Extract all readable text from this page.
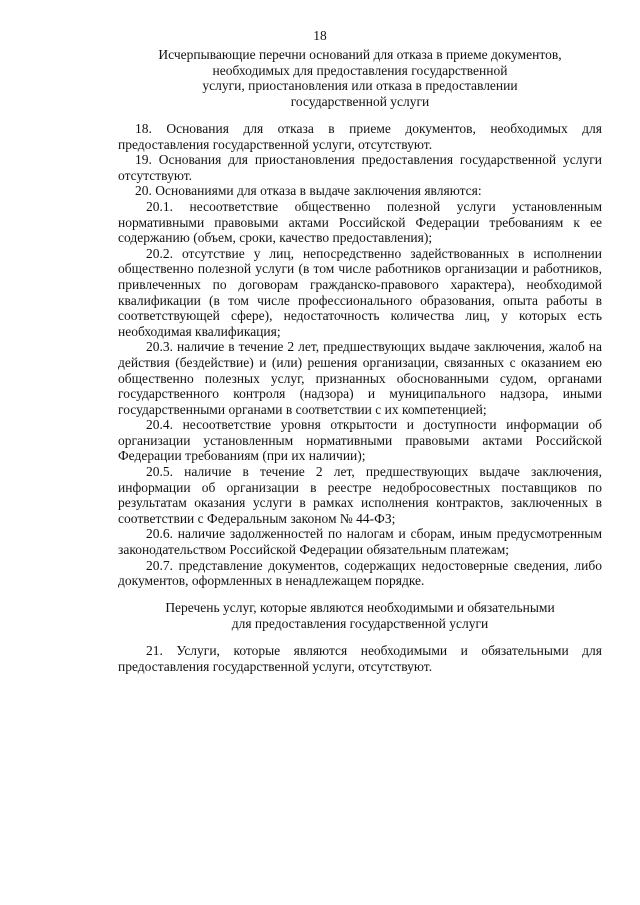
18

Исчерпывающие перечни оснований для отказа в приеме документов,
необходимых для предоставления государственной
услуги, приостановления или отказа в предоставлении
государственной услуги

18. Основания для отказа в приеме документов, необходимых для предоставления государственной услуги, отсутствуют.

19. Основания для приостановления предоставления государственной услуги отсутствуют.

20. Основаниями для отказа в выдаче заключения являются:

20.1. несоответствие общественно полезной услуги установленным нормативными правовыми актами Российской Федерации требованиям к ее содержанию (объем, сроки, качество предоставления);

20.2. отсутствие у лиц, непосредственно задействованных в исполнении общественно полезной услуги (в том числе работников организации и работников, привлеченных по договорам гражданско-правового характера), необходимой квалификации (в том числе профессионального образования, опыта работы в соответствующей сфере), недостаточность количества лиц, у которых есть необходимая квалификация;

20.3. наличие в течение 2 лет, предшествующих выдаче заключения, жалоб на действия (бездействие) и (или) решения организации, связанных с оказанием ею общественно полезных услуг, признанных обоснованными судом, органами государственного контроля (надзора) и муниципального надзора, иными государственными органами в соответствии с их компетенцией;

20.4. несоответствие уровня открытости и доступности информации об организации установленным нормативными правовыми актами Российской Федерации требованиям (при их наличии);

20.5. наличие в течение 2 лет, предшествующих выдаче заключения, информации об организации в реестре недобросовестных поставщиков по результатам оказания услуги в рамках исполнения контрактов, заключенных в соответствии с Федеральным законом № 44-ФЗ;

20.6. наличие задолженностей по налогам и сборам, иным предусмотренным законодательством Российской Федерации обязательным платежам;

20.7. представление документов, содержащих недостоверные сведения, либо документов, оформленных в ненадлежащем порядке.

Перечень услуг, которые являются необходимыми и обязательными
для предоставления государственной услуги

21. Услуги, которые являются необходимыми и обязательными для предоставления государственной услуги, отсутствуют.
